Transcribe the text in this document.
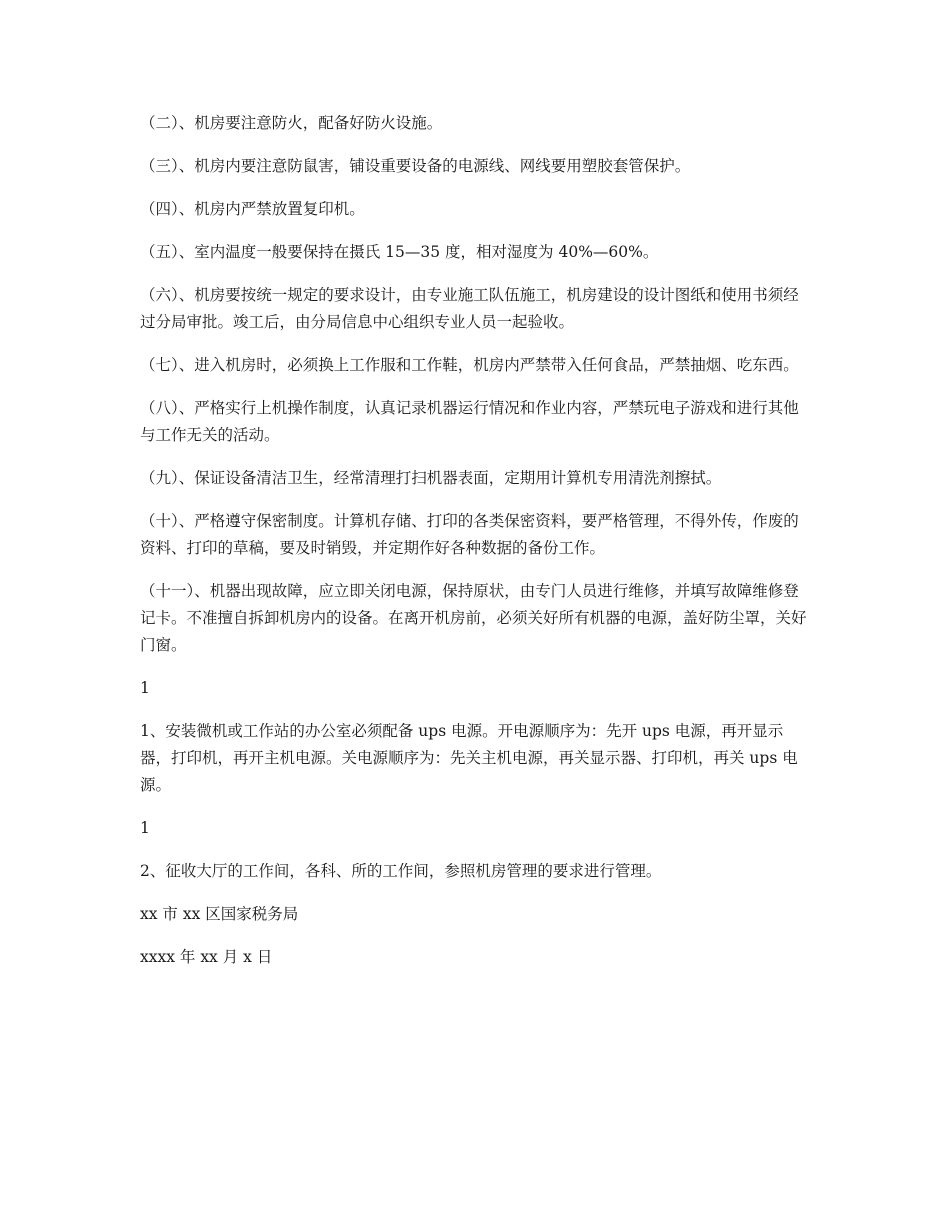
（二）、机房要注意防火，配备好防火设施。

（三）、机房内要注意防鼠害，铺设重要设备的电源线、网线要用塑胶套管保护。

（四）、机房内严禁放置复印机。

（五）、室内温度一般要保持在摄氏 15—35 度，相对湿度为 40%—60%。

（六）、机房要按统一规定的要求设计，由专业施工队伍施工，机房建设的设计图纸和使用书须经过分局审批。竣工后，由分局信息中心组织专业人员一起验收。

（七）、进入机房时，必须换上工作服和工作鞋，机房内严禁带入任何食品，严禁抽烟、吃东西。

（八）、严格实行上机操作制度，认真记录机器运行情况和作业内容，严禁玩电子游戏和进行其他与工作无关的活动。

（九）、保证设备清洁卫生，经常清理打扫机器表面，定期用计算机专用清洗剂擦拭。

（十）、严格遵守保密制度。计算机存储、打印的各类保密资料，要严格管理，不得外传，作废的资料、打印的草稿，要及时销毁，并定期作好各种数据的备份工作。

（十一）、机器出现故障，应立即关闭电源，保持原状，由专门人员进行维修，并填写故障维修登记卡。不准擅自拆卸机房内的设备。在离开机房前，必须关好所有机器的电源，盖好防尘罩，关好门窗。

1

1、安装微机或工作站的办公室必须配备 ups 电源。开电源顺序为：先开 ups 电源，再开显示器，打印机，再开主机电源。关电源顺序为：先关主机电源，再关显示器、打印机，再关 ups 电源。

1

2、征收大厅的工作间，各科、所的工作间，参照机房管理的要求进行管理。

xx 市 xx 区国家税务局

xxxx 年 xx 月 x 日
